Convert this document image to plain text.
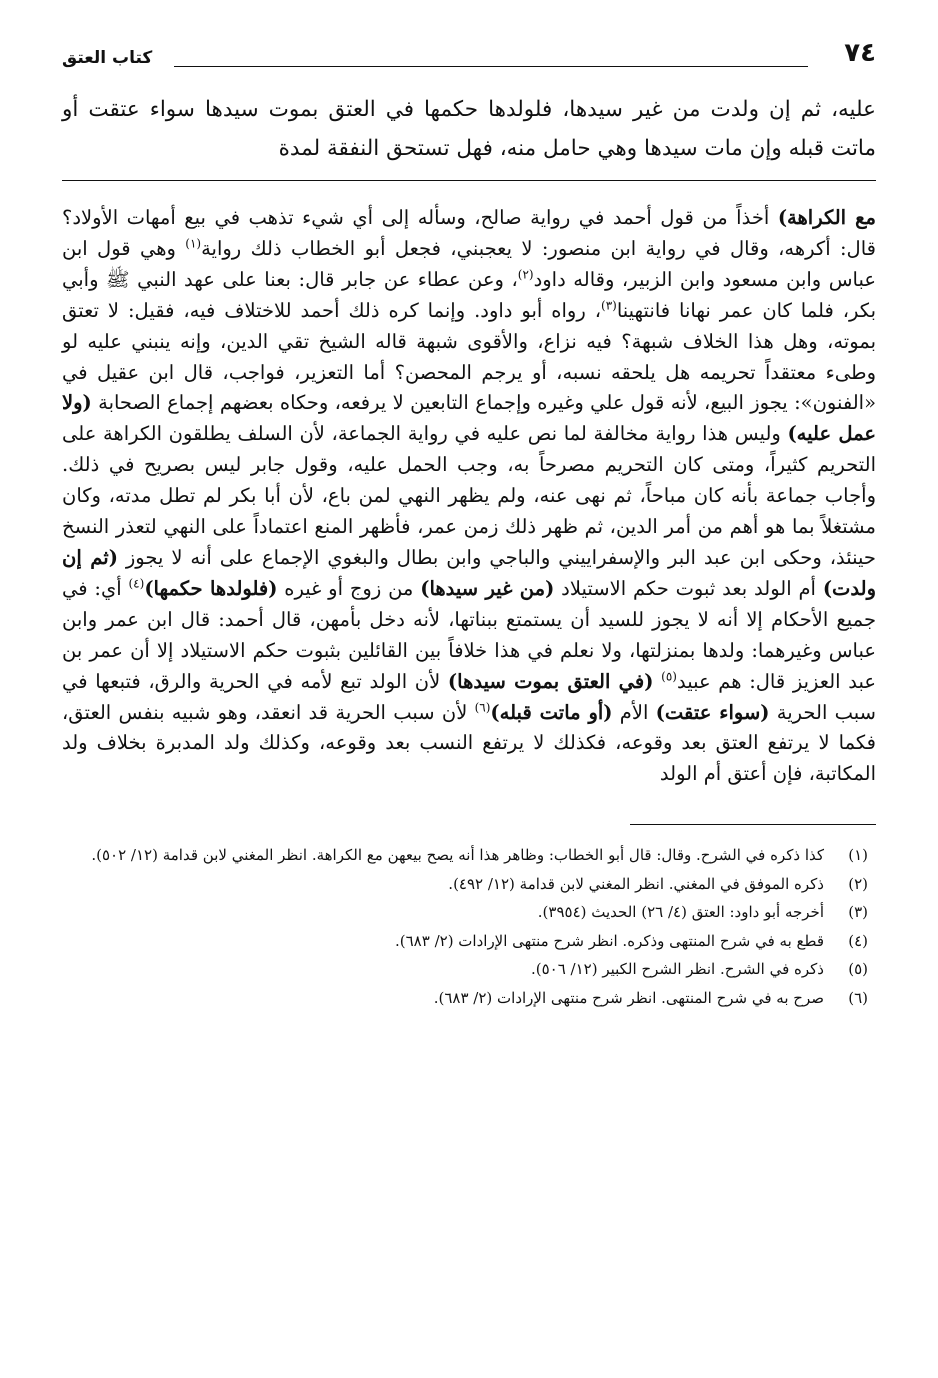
٧٤
كتاب العتق
عليه، ثم إن ولدت من غير سيدها، فلولدها حكمها في العتق بموت سيدها سواء عتقت أو ماتت قبله وإن مات سيدها وهي حامل منه، فهل تستحق النفقة لمدة

مع الكراهة) أخذاً من قول أحمد في رواية صالح، وسأله إلى أي شيء تذهب في بيع أمهات الأولاد؟ قال: أكرهه، وقال في رواية ابن منصور: لا يعجبني، فجعل أبو الخطاب ذلك رواية$^{(١)}$ وهي قول ابن عباس وابن مسعود وابن الزبير، وقاله داود$^{(٢)}$، وعن عطاء عن جابر قال: بعنا على عهد النبي ﷺ وأبي بكر، فلما كان عمر نهانا فانتهينا$^{(٣)}$، رواه أبو داود. وإنما كره ذلك أحمد للاختلاف فيه، فقيل: لا تعتق بموته، وهل هذا الخلاف شبهة؟ فيه نزاع، والأقوى شبهة قاله الشيخ تقي الدين، وإنه ينبني عليه لو وطىء معتقداً تحريمه هل يلحقه نسبه، أو يرجم المحصن؟ أما التعزير، فواجب، قال ابن عقيل في «الفنون»: يجوز البيع، لأنه قول علي وغيره وإجماع التابعين لا يرفعه، وحكاه بعضهم إجماع الصحابة (ولا عمل عليه) وليس هذا رواية مخالفة لما نص عليه في رواية الجماعة، لأن السلف يطلقون الكراهة على التحريم كثيراً، ومتى كان التحريم مصرحاً به، وجب الحمل عليه، وقول جابر ليس بصريح في ذلك. وأجاب جماعة بأنه كان مباحاً، ثم نهى عنه، ولم يظهر النهي لمن باع، لأن أبا بكر لم تطل مدته، وكان مشتغلاً بما هو أهم من أمر الدين، ثم ظهر ذلك زمن عمر، فأظهر المنع اعتماداً على النهي لتعذر النسخ حينئذ، وحكى ابن عبد البر والإسفراييني والباجي وابن بطال والبغوي الإجماع على أنه لا يجوز (ثم إن ولدت) أم الولد بعد ثبوت حكم الاستيلاد (من غير سيدها) من زوج أو غيره (فلولدها حكمها)$^{(٤)}$ أي: في جميع الأحكام إلا أنه لا يجوز للسيد أن يستمتع ببناتها، لأنه دخل بأمهن، قال أحمد: قال ابن عمر وابن عباس وغيرهما: ولدها بمنزلتها، ولا نعلم في هذا خلافاً بين القائلين بثبوت حكم الاستيلاد إلا أن عمر بن عبد العزيز قال: هم عبيد$^{(٥)}$ (في العتق بموت سيدها) لأن الولد تبع لأمه في الحرية والرق، فتبعها في سبب الحرية (سواء عتقت) الأم (أو ماتت قبله)$^{(٦)}$ لأن سبب الحرية قد انعقد، وهو شبيه بنفس العتق، فكما لا يرتفع العتق بعد وقوعه، فكذلك لا يرتفع النسب بعد وقوعه، وكذلك ولد المدبرة بخلاف ولد المكاتبة، فإن أعتق أم الولد

(١)
كذا ذكره في الشرح. وقال: قال أبو الخطاب: وظاهر هذا أنه يصح بيعهن مع الكراهة. انظر المغني لابن قدامة (١٢/ ٥٠٢).
(٢)
ذكره الموفق في المغني. انظر المغني لابن قدامة (١٢/ ٤٩٢).
(٣)
أخرجه أبو داود: العتق (٤/ ٢٦) الحديث (٣٩٥٤).
(٤)
قطع به في شرح المنتهى وذكره. انظر شرح منتهى الإرادات (٢/ ٦٨٣).
(٥)
ذكره في الشرح. انظر الشرح الكبير (١٢/ ٥٠٦).
(٦)
صرح به في شرح المنتهى. انظر شرح منتهى الإرادات (٢/ ٦٨٣).
